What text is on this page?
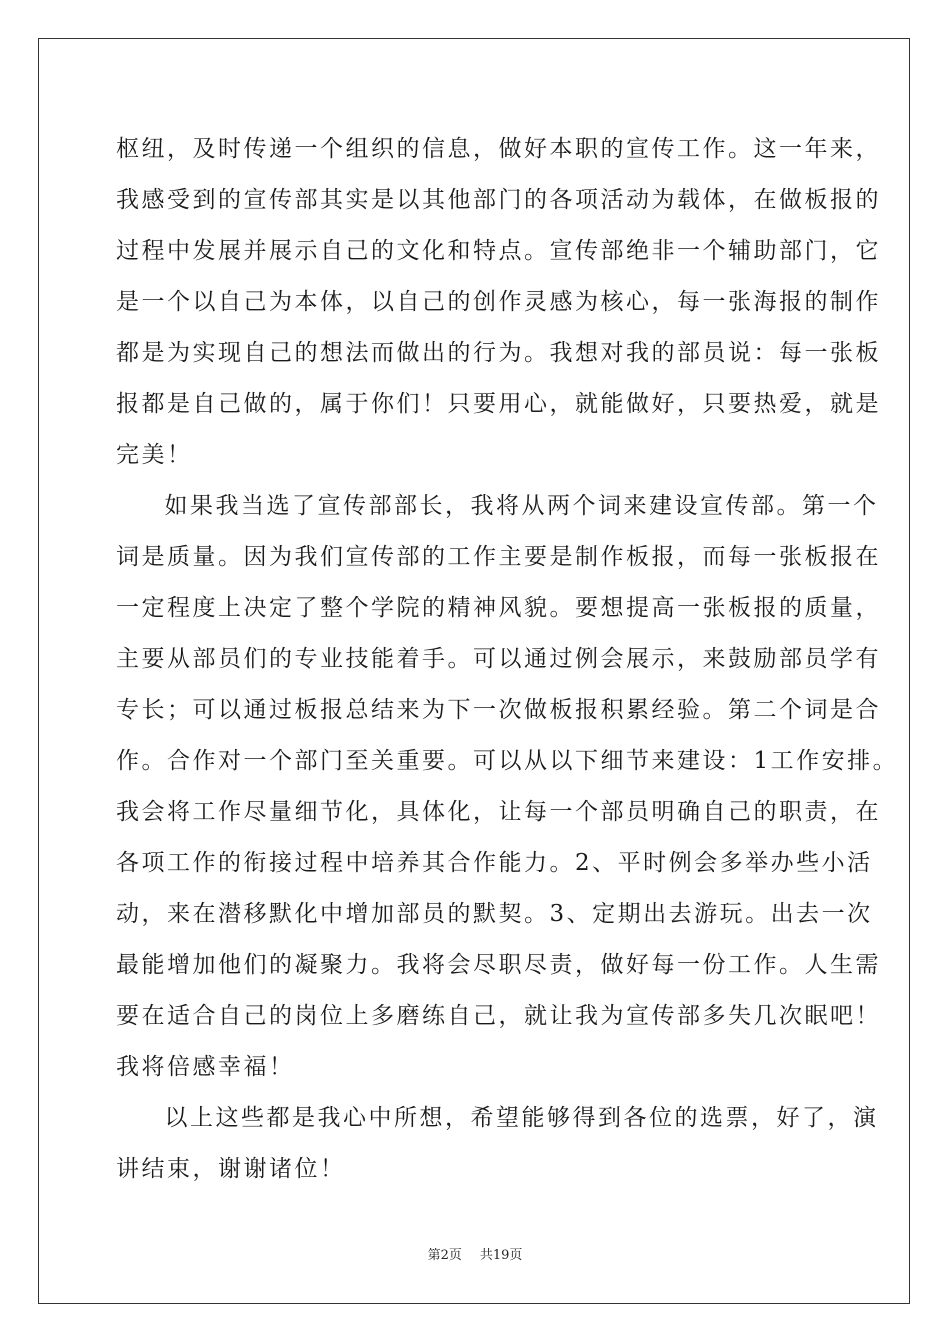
枢纽，及时传递一个组织的信息，做好本职的宣传工作。这一年来，
我感受到的宣传部其实是以其他部门的各项活动为载体，在做板报的
过程中发展并展示自己的文化和特点。宣传部绝非一个辅助部门，它
是一个以自己为本体，以自己的创作灵感为核心，每一张海报的制作
都是为实现自己的想法而做出的行为。我想对我的部员说：每一张板
报都是自己做的，属于你们！只要用心，就能做好，只要热爱，就是
完美！
　如果我当选了宣传部部长，我将从两个词来建设宣传部。第一个
词是质量。因为我们宣传部的工作主要是制作板报，而每一张板报在
一定程度上决定了整个学院的精神风貌。要想提高一张板报的质量，
主要从部员们的专业技能着手。可以通过例会展示，来鼓励部员学有
专长；可以通过板报总结来为下一次做板报积累经验。第二个词是合
作。合作对一个部门至关重要。可以从以下细节来建设：1工作安排。
我会将工作尽量细节化，具体化，让每一个部员明确自己的职责，在
各项工作的衔接过程中培养其合作能力。2、平时例会多举办些小活
动，来在潜移默化中增加部员的默契。3、定期出去游玩。出去一次
最能增加他们的凝聚力。我将会尽职尽责，做好每一份工作。人生需
要在适合自己的岗位上多磨练自己，就让我为宣传部多失几次眠吧！
我将倍感幸福！
　以上这些都是我心中所想，希望能够得到各位的选票，好了，演
讲结束，谢谢诸位！
第2页 共19页
